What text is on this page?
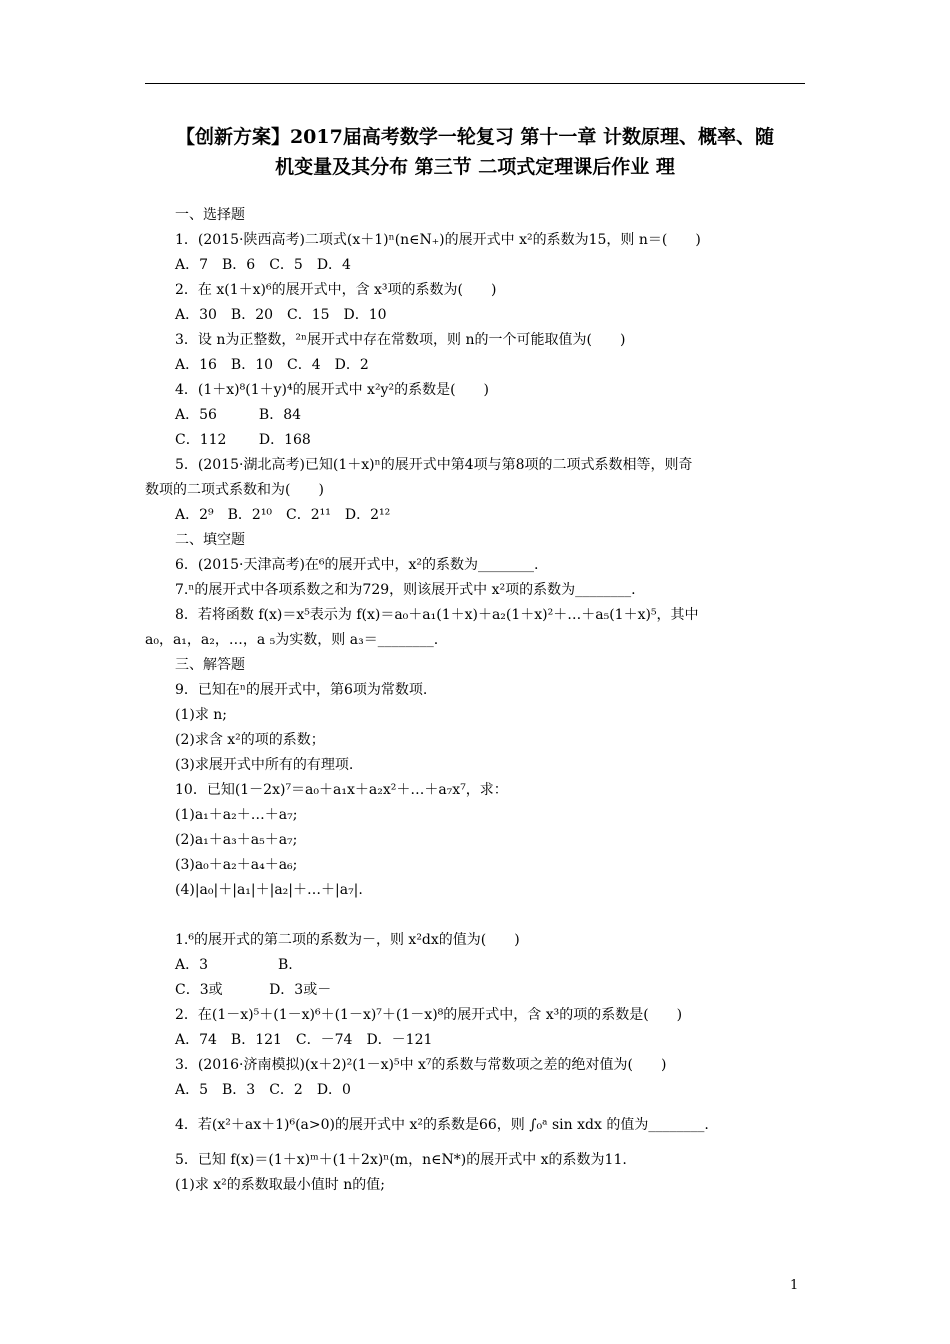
【创新方案】2017届高考数学一轮复习 第十一章 计数原理、概率、随
机变量及其分布 第三节 二项式定理课后作业 理
一、选择题
1．(2015·陕西高考)二项式(x＋1)ⁿ(n∈N₊)的展开式中 x²的系数为15，则 n＝(　　)
A．7　B．6　C．5　D．4
2．在 x(1＋x)⁶的展开式中，含 x³项的系数为(　　)
A．30　B．20　C．15　D．10
3．设 n为正整数，²ⁿ展开式中存在常数项，则 n的一个可能取值为(　　)
A．16　B．10　C．4　D．2
4．(1＋x)⁸(1＋y)⁴的展开式中 x²y²的系数是(　　)
A．56　　　B．84
C．112　　 D．168
5．(2015·湖北高考)已知(1＋x)ⁿ的展开式中第4项与第8项的二项式系数相等，则奇
数项的二项式系数和为(　　)
A．2⁹　B．2¹⁰　C．2¹¹　D．2¹²
二、填空题
6．(2015·天津高考)在⁶的展开式中，x²的系数为________.
7.ⁿ的展开式中各项系数之和为729，则该展开式中 x²项的系数为________.
8．若将函数 f(x)＝x⁵表示为 f(x)＝a₀＋a₁(1＋x)＋a₂(1＋x)²＋…＋a₅(1＋x)⁵，其中
a₀，a₁，a₂，…，a ₅为实数，则 a₃＝________.
三、解答题
9．已知在ⁿ的展开式中，第6项为常数项.
(1)求 n;
(2)求含 x²的项的系数；
(3)求展开式中所有的有理项.
10．已知(1－2x)⁷＝a₀＋a₁x＋a₂x²＋…＋a₇x⁷，求：
(1)a₁＋a₂＋…＋a₇;
(2)a₁＋a₃＋a₅＋a₇;
(3)a₀＋a₂＋a₄＋a₆;
(4)|a₀|＋|a₁|＋|a₂|＋…＋|a₇|.
1.⁶的展开式的第二项的系数为－，则 x²dx的值为(　　)
A．3　　　　　B.
C．3或　　　 D．3或－
2．在(1－x)⁵＋(1－x)⁶＋(1－x)⁷＋(1－x)⁸的展开式中，含 x³的项的系数是(　　)
A．74　B．121　C．－74　D．－121
3．(2016·济南模拟)(x＋2)²(1－x)⁵中 x⁷的系数与常数项之差的绝对值为(　　)
A．5　B．3　C．2　D．0
4．若(x²＋ax＋1)⁶(a>0)的展开式中 x²的系数是66，则 ∫₀ᵃ sin xdx 的值为________.
5．已知 f(x)＝(1＋x)ᵐ＋(1＋2x)ⁿ(m，n∈N*)的展开式中 x的系数为11.
(1)求 x²的系数取最小值时 n的值;
1
